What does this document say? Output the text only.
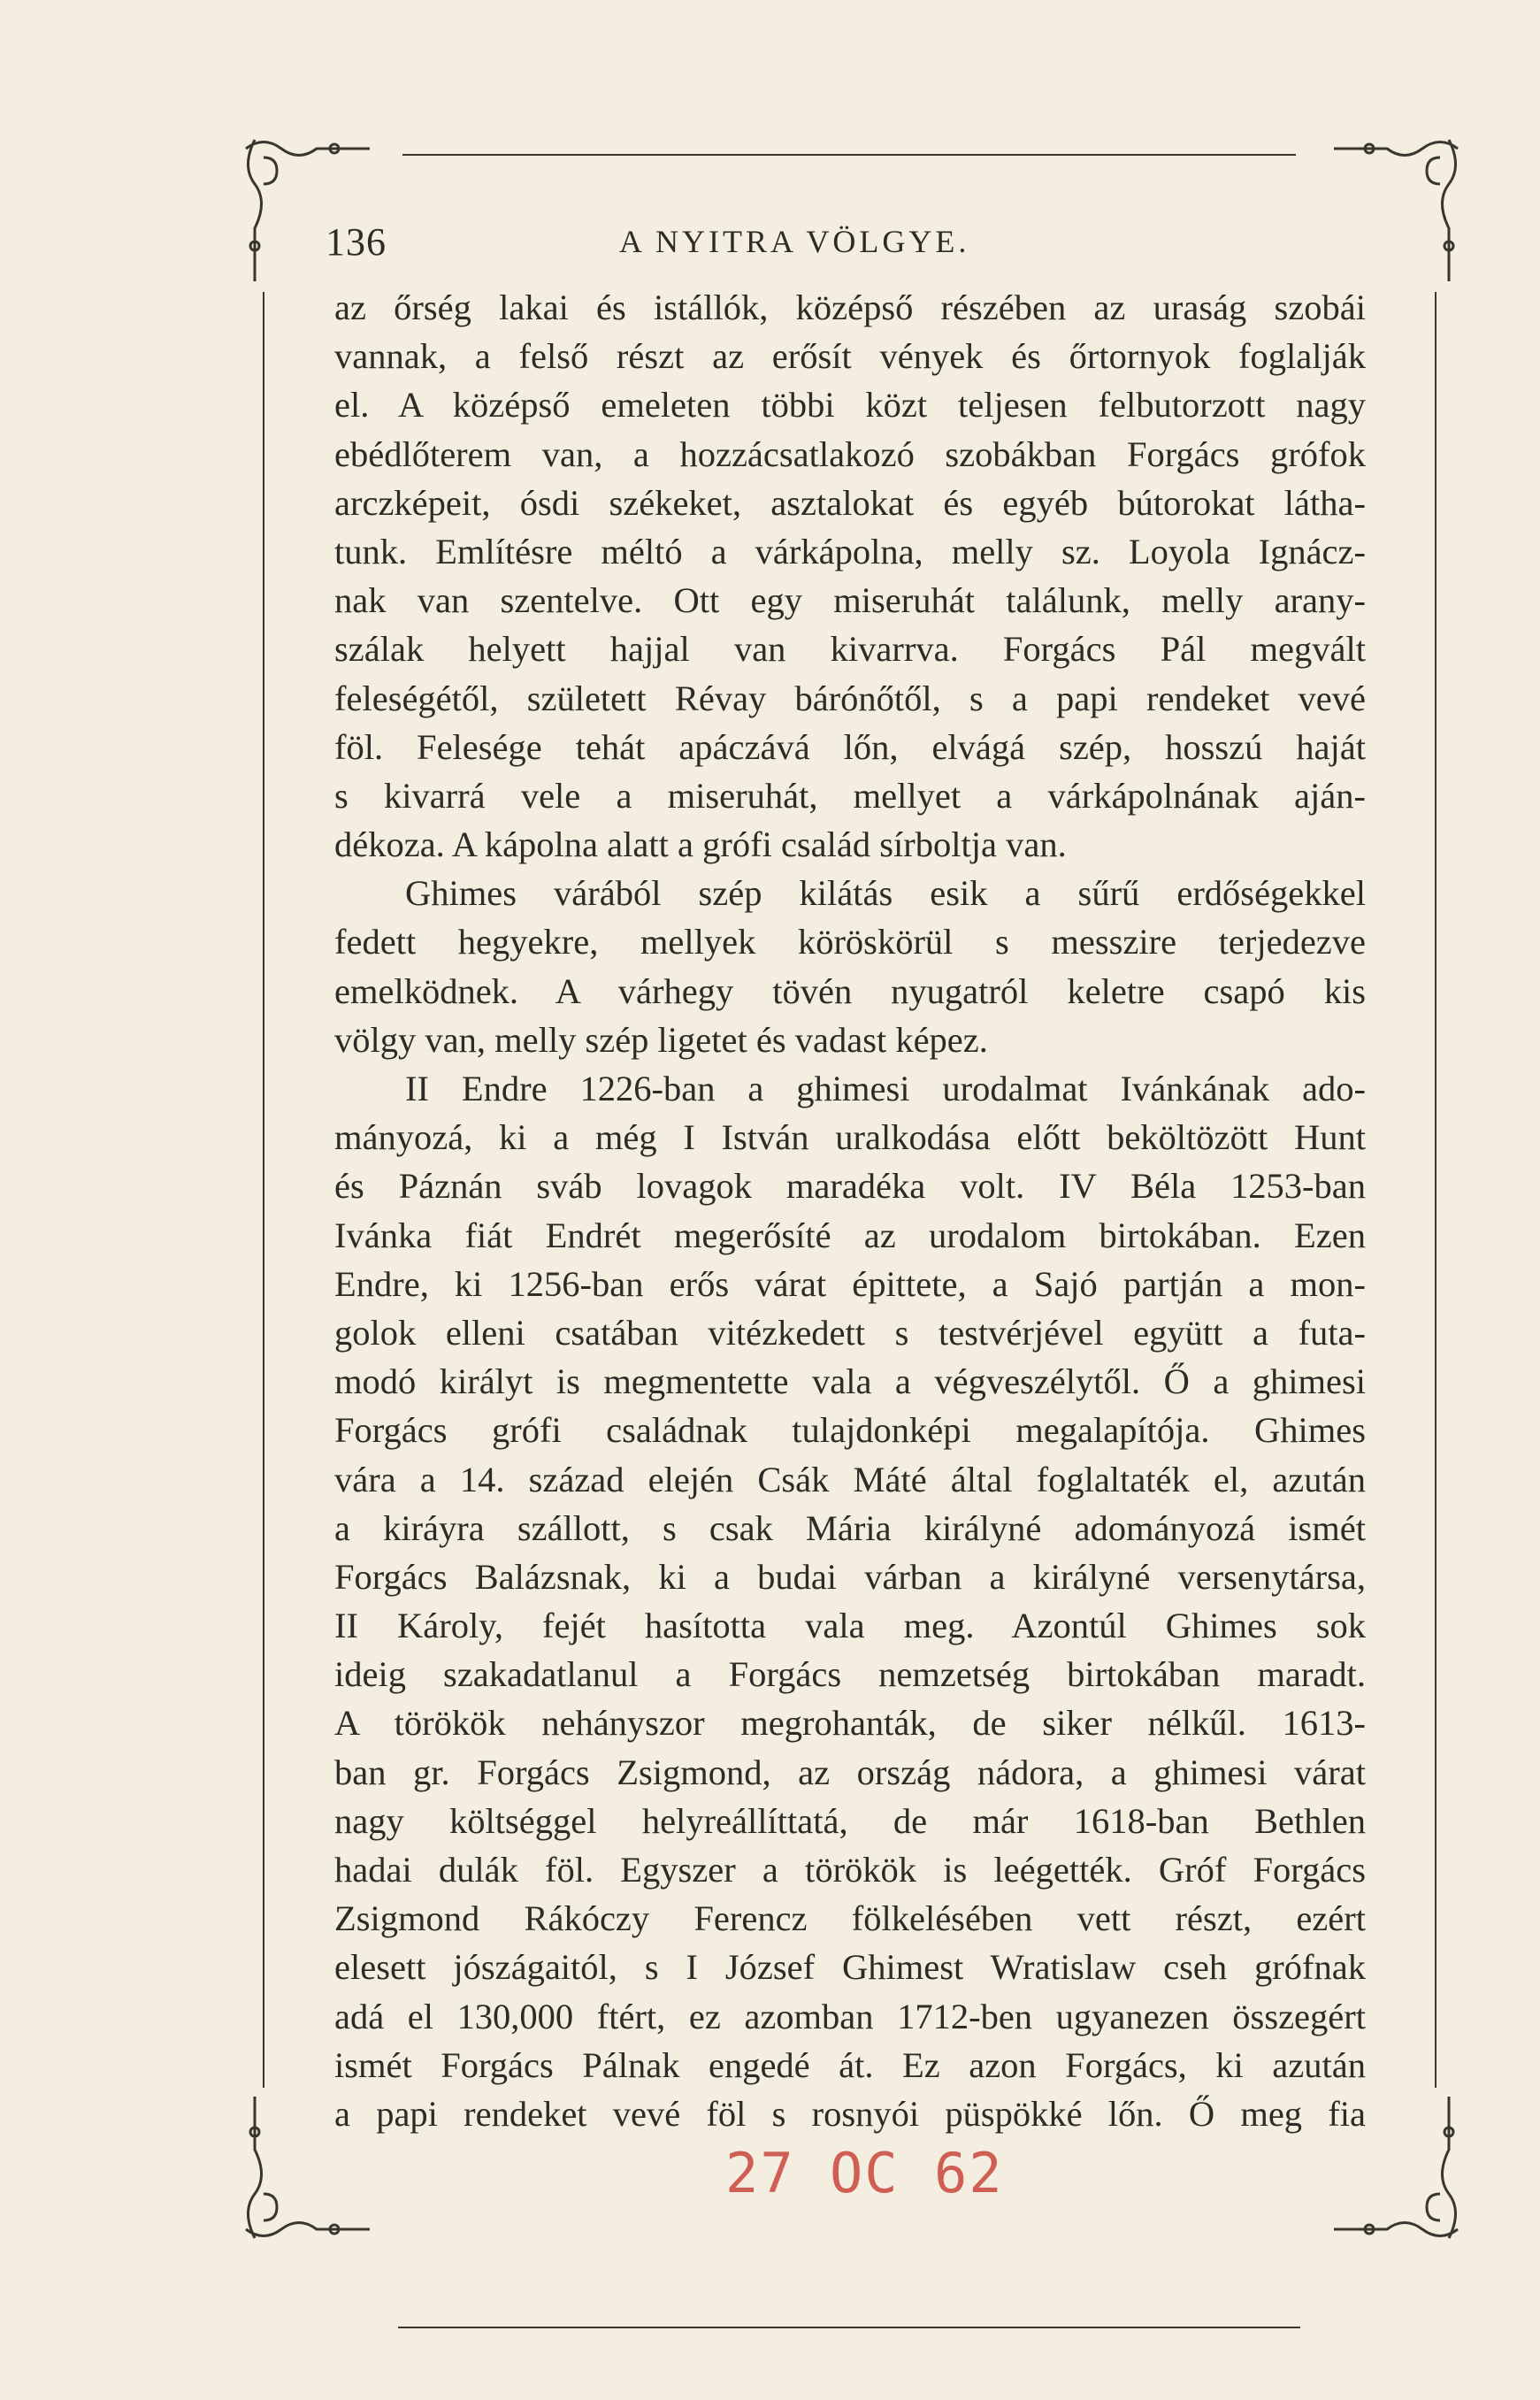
136	A NYITRA VÖLGYE.
az őrség lakai és istállók, középső részében az uraság szobái
vannak, a felső részt az erősít vények és őrtornyok foglalják
el. A középső emeleten többi közt teljesen felbutorzott nagy
ebédlőterem van, a hozzácsatlakozó szobákban Forgács grófok
arczképeit, ósdi székeket, asztalokat és egyéb bútorokat látha-
tunk. Említésre méltó a várkápolna, melly sz. Loyola Ignácz-
nak van szentelve. Ott egy miseruhát találunk, melly arany-
szálak helyett hajjal van kivarrva. Forgács Pál megvált
feleségétől, született Révay bárónőtől, s a papi rendeket vevé
föl. Felesége tehát apáczává lőn, elvágá szép, hosszú haját
s kivarrá vele a miseruhát, mellyet a várkápolnának aján-
dékoza. A kápolna alatt a grófi család sírboltja van.
Ghimes várából szép kilátás esik a sűrű erdőségekkel
fedett hegyekre, mellyek köröskörül s messzire terjedezve
emelködnek. A várhegy tövén nyugatról keletre csapó kis
völgy van, melly szép ligetet és vadast képez.
II Endre 1226-ban a ghimesi urodalmat Ivánkának ado-
mányozá, ki a még I István uralkodása előtt beköltözött Hunt
és Páznán sváb lovagok maradéka volt. IV Béla 1253-ban
Ivánka fiát Endrét megerősíté az urodalom birtokában. Ezen
Endre, ki 1256-ban erős várat épittete, a Sajó partján a mon-
golok elleni csatában vitézkedett s testvérjével együtt a futa-
modó királyt is megmentette vala a végveszélytől. Ő a ghimesi
Forgács grófi családnak tulajdonképi megalapítója. Ghimes
vára a 14. század elején Csák Máté által foglaltaték el, azután
a kiráyra szállott, s csak Mária királyné adományozá ismét
Forgács Balázsnak, ki a budai várban a királyné versenytársa,
II Károly, fejét hasította vala meg. Azontúl Ghimes sok
ideig szakadatlanul a Forgács nemzetség birtokában maradt.
A törökök nehányszor megrohanták, de siker nélkűl. 1613-
ban gr. Forgács Zsigmond, az ország nádora, a ghimesi várat
nagy költséggel helyreállíttatá, de már 1618-ban Bethlen
hadai dulák föl. Egyszer a törökök is leégették. Gróf Forgács
Zsigmond Rákóczy Ferencz fölkelésében vett részt, ezért
elesett jószágaitól, s I József Ghimest Wratislaw cseh grófnak
adá el 130,000 ftért, ez azomban 1712-ben ugyanezen összegért
ismét Forgács Pálnak engedé át. Ez azon Forgács, ki azután
a papi rendeket vevé föl s rosnyói püspökké lőn. Ő meg fia
27 OC 62
